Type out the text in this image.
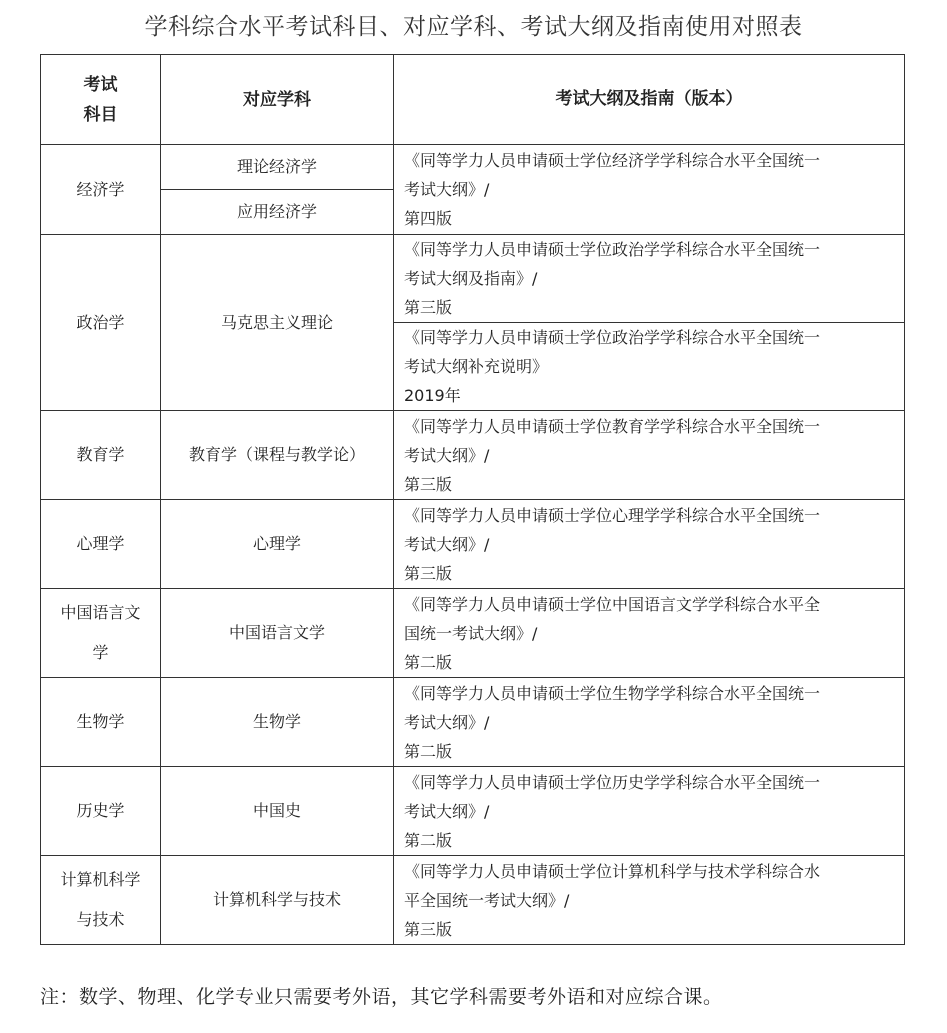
学科综合水平考试科目、对应学科、考试大纲及指南使用对照表
考试
科目	对应学科	考试大纲及指南（版本）
经济学	理论经济学	《同等学力人员申请硕士学位经济学学科综合水平全国统一
考试大纲》/
第四版

	应用经济学	
政治学	马克思主义理论	《同等学力人员申请硕士学位政治学学科综合水平全国统一
考试大纲及指南》/
第三版

		《同等学力人员申请硕士学位政治学学科综合水平全国统一
考试大纲补充说明》
2019年

教育学	教育学（课程与教学论）	《同等学力人员申请硕士学位教育学学科综合水平全国统一
考试大纲》/
第三版

心理学	心理学	《同等学力人员申请硕士学位心理学学科综合水平全国统一
考试大纲》/
第三版

中国语言文
学	中国语言文学	《同等学力人员申请硕士学位中国语言文学学科综合水平全
国统一考试大纲》/
第二版

生物学	生物学	《同等学力人员申请硕士学位生物学学科综合水平全国统一
考试大纲》/
第二版

历史学	中国史	《同等学力人员申请硕士学位历史学学科综合水平全国统一
考试大纲》/
第二版

计算机科学
与技术	计算机科学与技术	《同等学力人员申请硕士学位计算机科学与技术学科综合水
平全国统一考试大纲》/
第三版
注：数学、物理、化学专业只需要考外语，其它学科需要考外语和对应综合课。
